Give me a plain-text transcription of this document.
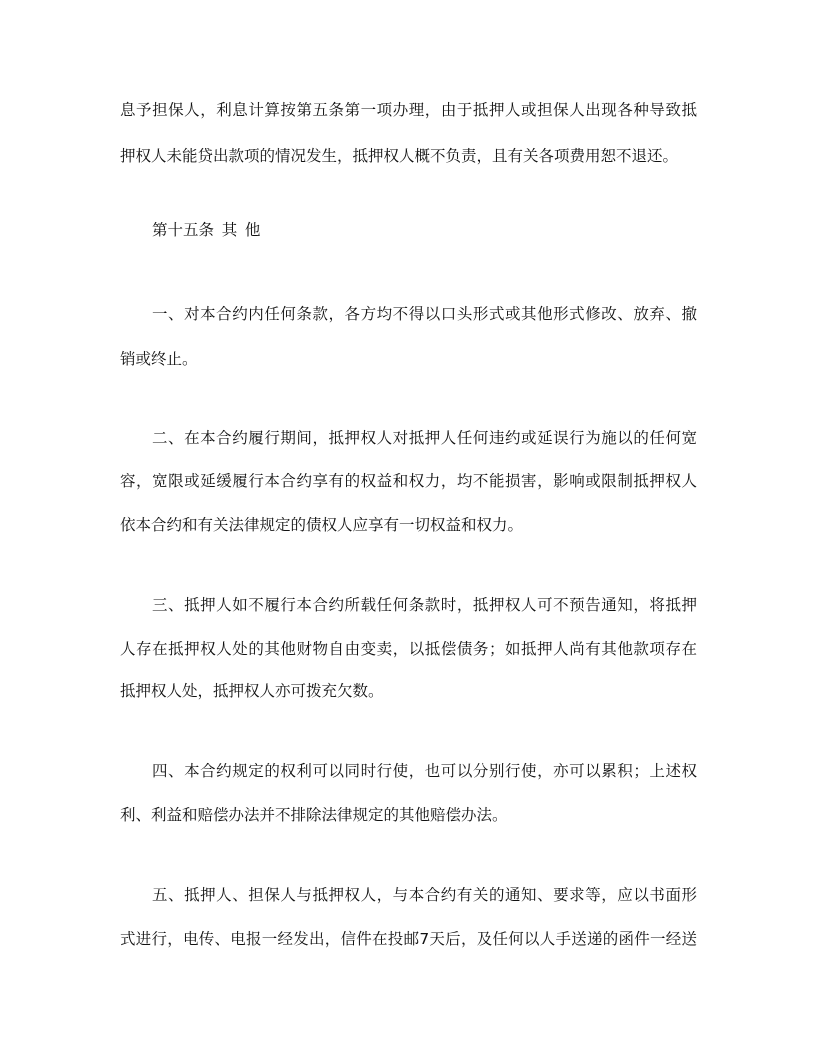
息予担保人，利息计算按第五条第一项办理，由于抵押人或担保人出现各种导致抵
押权人未能贷出款项的情况发生，抵押权人概不负责，且有关各项费用恕不退还。
第十五条 其 他
一、对本合约内任何条款，各方均不得以口头形式或其他形式修改、放弃、撤
销或终止。
二、在本合约履行期间，抵押权人对抵押人任何违约或延误行为施以的任何宽
容，宽限或延缓履行本合约享有的权益和权力，均不能损害，影响或限制抵押权人
依本合约和有关法律规定的债权人应享有一切权益和权力。
三、抵押人如不履行本合约所载任何条款时，抵押权人可不预告通知，将抵押
人存在抵押权人处的其他财物自由变卖，以抵偿债务；如抵押人尚有其他款项存在
抵押权人处，抵押权人亦可拨充欠数。
四、本合约规定的权利可以同时行使，也可以分别行使，亦可以累积；上述权
利、利益和赔偿办法并不排除法律规定的其他赔偿办法。
五、抵押人、担保人与抵押权人，与本合约有关的通知、要求等，应以书面形
式进行，电传、电报一经发出，信件在投邮7天后，及任何以人手送递的函件一经送
